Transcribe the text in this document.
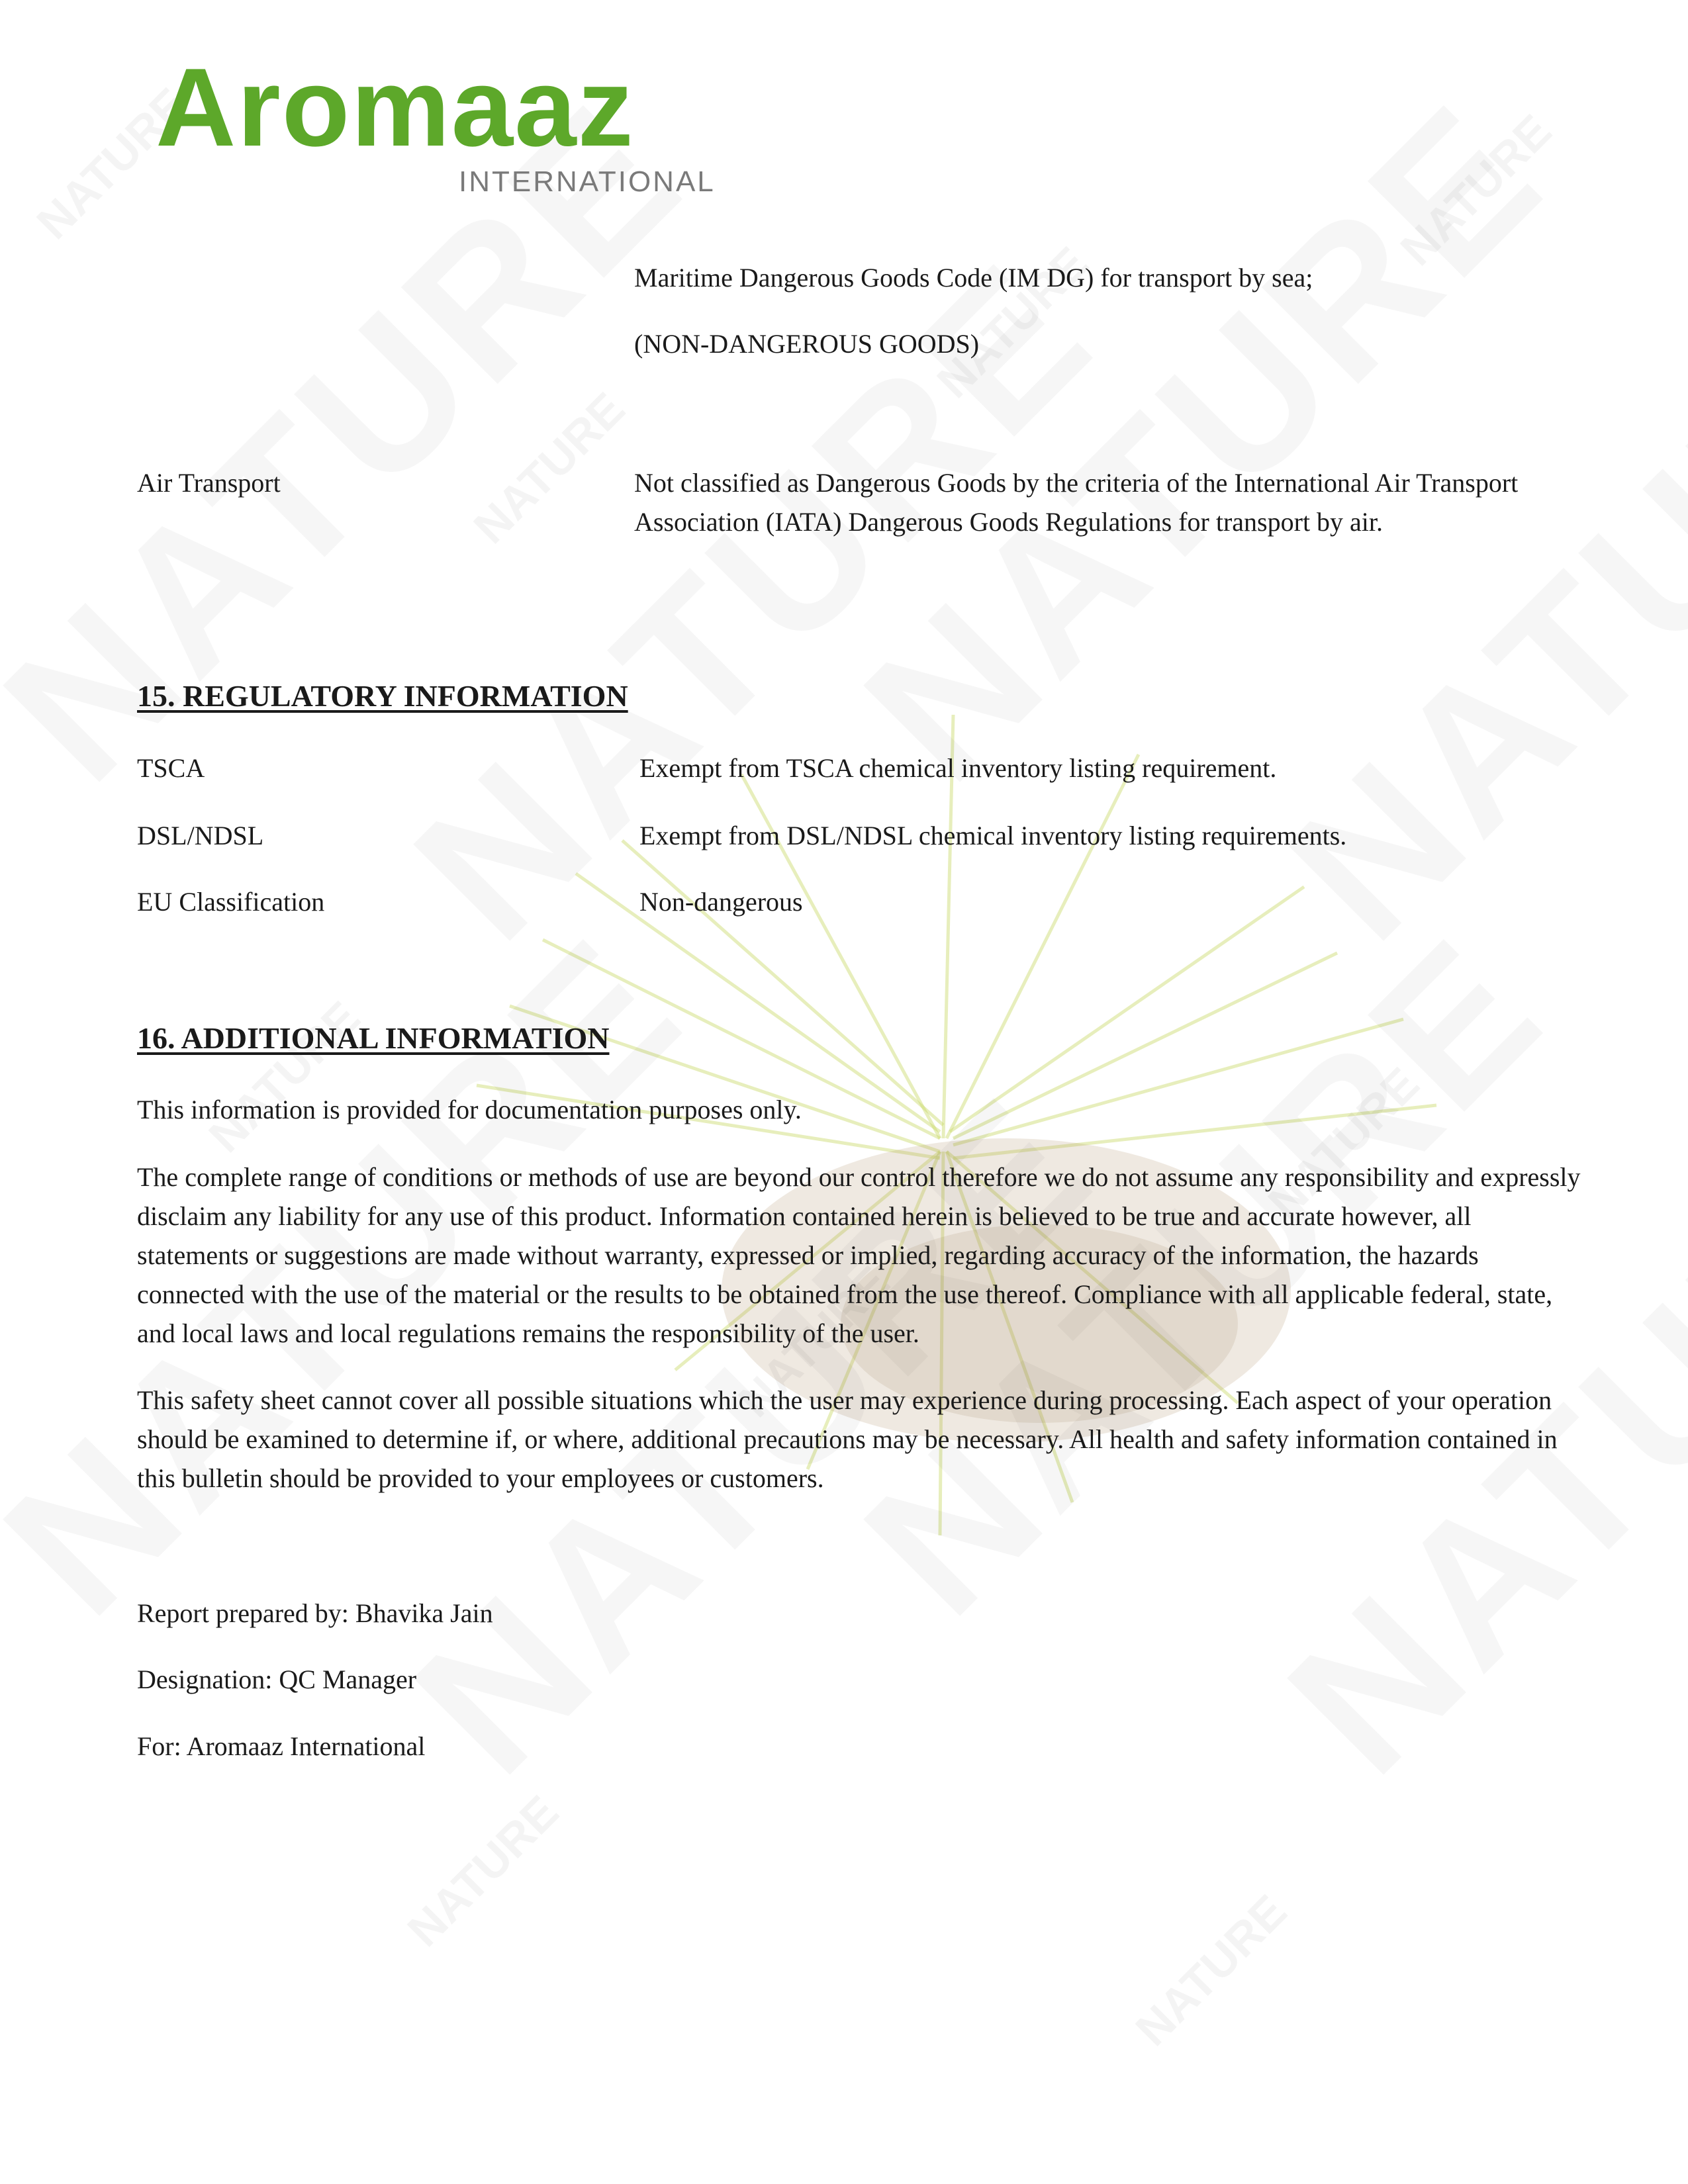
Aromaaz
INTERNATIONAL
Maritime Dangerous Goods Code (IM DG) for transport by sea;
(NON-DANGEROUS GOODS)
Air Transport	Not classified as Dangerous Goods by the criteria of the International Air Transport Association (IATA) Dangerous Goods Regulations for transport by air.
15. REGULATORY INFORMATION
TSCA	Exempt from TSCA chemical inventory listing requirement.
DSL/NDSL	Exempt from DSL/NDSL chemical inventory listing requirements.
EU Classification	Non-dangerous
16. ADDITIONAL INFORMATION

This information is provided for documentation purposes only.

The complete range of conditions or methods of use are beyond our control therefore we do not assume any responsibility and expressly disclaim any liability for any use of this product. Information contained herein is believed to be true and accurate however, all statements or suggestions are made without warranty, expressed or implied, regarding accuracy of the information, the hazards connected with the use of the material or the results to be obtained from the use thereof. Compliance with all applicable federal, state, and local laws and local regulations remains the responsibility of the user.

This safety sheet cannot cover all possible situations which the user may experience during processing. Each aspect of your operation should be examined to determine if, or where, additional precautions may be necessary. All health and safety information contained in this bulletin should be provided to your employees or customers.

Report prepared by: Bhavika Jain
Designation: QC Manager
For: Aromaaz International
